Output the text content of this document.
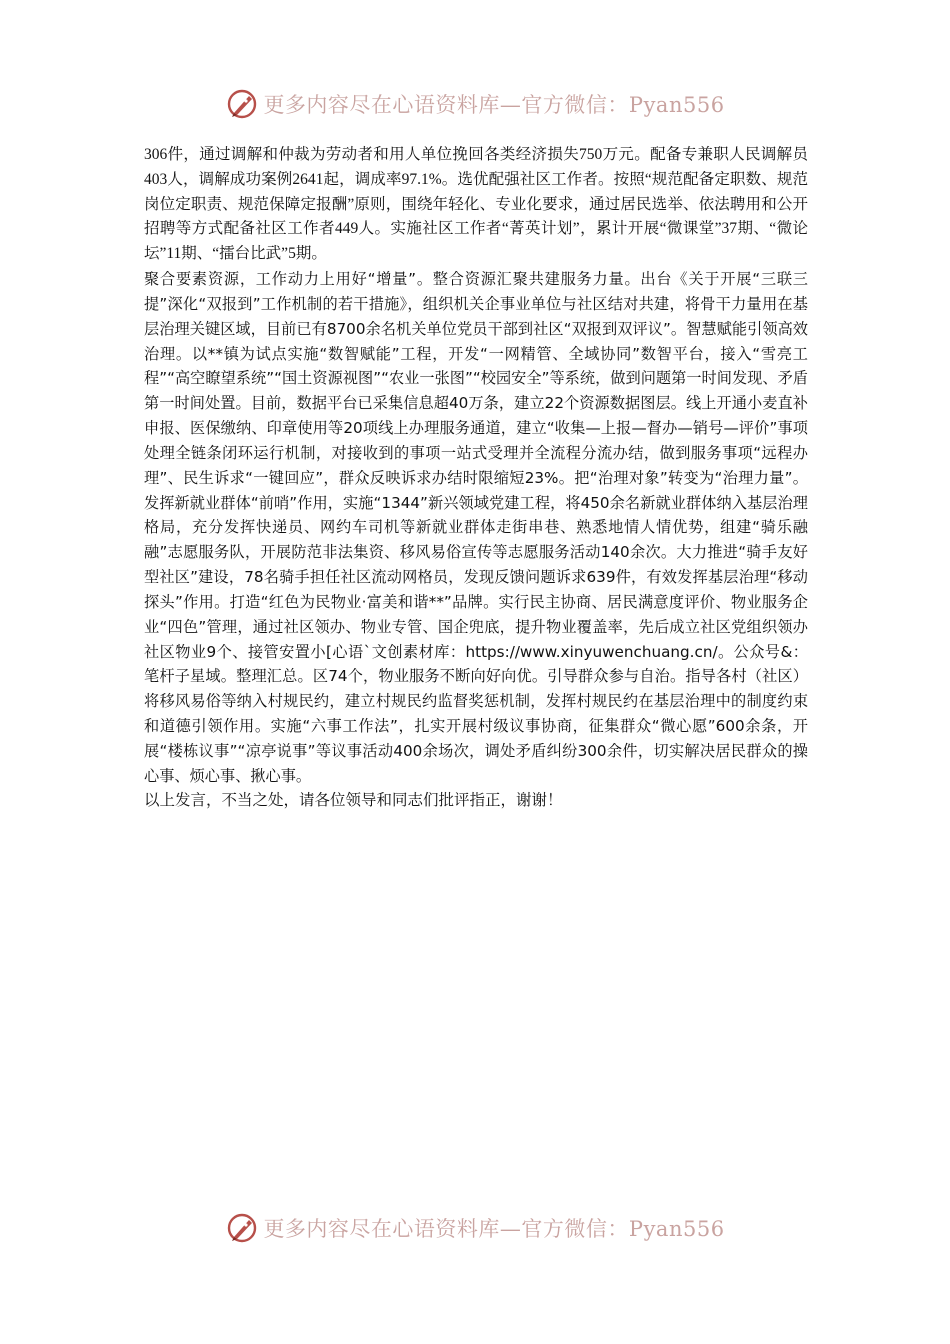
更多内容尽在心语资料库—官方微信：Pyan556

306件，通过调解和仲裁为劳动者和用人单位挽回各类经济损失750万元。配备专兼职人民调解员403人，调解成功案例2641起，调成率97.1%。选优配强社区工作者。按照“规范配备定职数、规范岗位定职责、规范保障定报酬”原则，围绕年轻化、专业化要求，通过居民选举、依法聘用和公开招聘等方式配备社区工作者449人。实施社区工作者“菁英计划”，累计开展“微课堂”37期、“微论坛”11期、“擂台比武”5期。

聚合要素资源，工作动力上用好“增量”。整合资源汇聚共建服务力量。出台《关于开展“三联三提”深化“双报到”工作机制的若干措施》，组织机关企事业单位与社区结对共建，将骨干力量用在基层治理关键区域，目前已有8700余名机关单位党员干部到社区“双报到双评议”。智慧赋能引领高效治理。以**镇为试点实施“数智赋能”工程，开发“一网精管、全域协同”数智平台，接入“雪亮工程”“高空瞭望系统”“国土资源视图”“农业一张图”“校园安全”等系统，做到问题第一时间发现、矛盾第一时间处置。目前，数据平台已采集信息超40万条，建立22个资源数据图层。线上开通小麦直补申报、医保缴纳、印章使用等20项线上办理服务通道，建立“收集—上报—督办—销号—评价”事项处理全链条闭环运行机制，对接收到的事项一站式受理并全流程分流办结，做到服务事项“远程办理”、民生诉求“一键回应”，群众反映诉求办结时限缩短23%。把“治理对象”转变为“治理力量”。发挥新就业群体“前哨”作用，实施“1344”新兴领域党建工程，将450余名新就业群体纳入基层治理格局，充分发挥快递员、网约车司机等新就业群体走街串巷、熟悉地情人情优势，组建“骑乐融融”志愿服务队，开展防范非法集资、移风易俗宣传等志愿服务活动140余次。大力推进“骑手友好型社区”建设，78名骑手担任社区流动网格员，发现反馈问题诉求639件，有效发挥基层治理“移动探头”作用。打造“红色为民物业·富美和谐**”品牌。实行民主协商、居民满意度评价、物业服务企业“四色”管理，通过社区领办、物业专管、国企兜底，提升物业覆盖率，先后成立社区党组织领办社区物业9个、接管安置小[心语`文创素材库：https://www.xinyuwenchuang.cn/。公众号&：笔杆子星域。整理汇总。区74个，物业服务不断向好向优。引导群众参与自治。指导各村（社区）将移风易俗等纳入村规民约，建立村规民约监督奖惩机制，发挥村规民约在基层治理中的制度约束和道德引领作用。实施“六事工作法”，扎实开展村级议事协商，征集群众“微心愿”600余条，开展“楼栋议事”“凉亭说事”等议事活动400余场次，调处矛盾纠纷300余件，切实解决居民群众的操心事、烦心事、揪心事。

以上发言，不当之处，请各位领导和同志们批评指正，谢谢！

更多内容尽在心语资料库—官方微信：Pyan556
